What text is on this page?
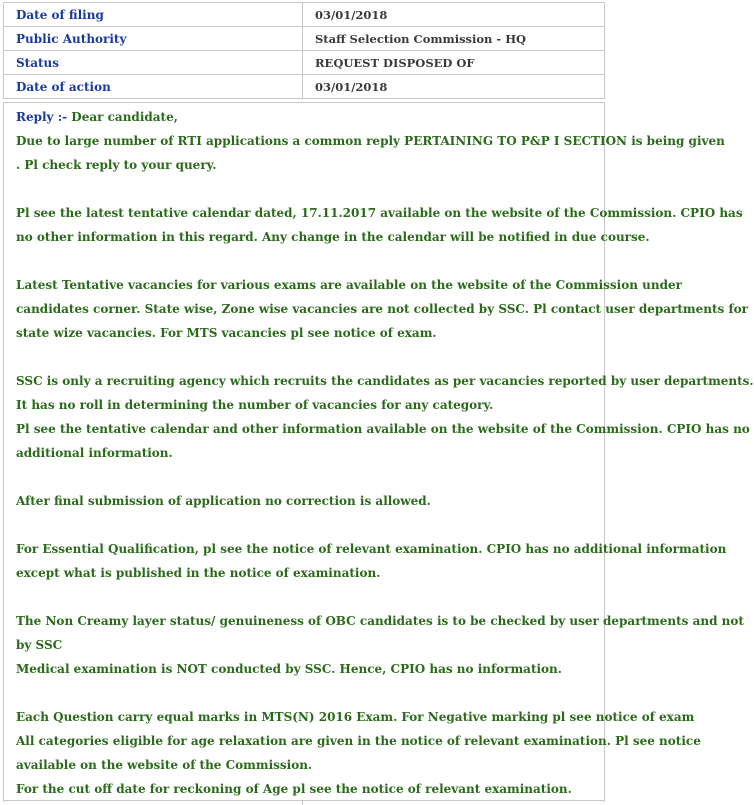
Date of filing	03/01/2018
Public Authority	Staff Selection Commission - HQ
Status	REQUEST DISPOSED OF
Date of action	03/01/2018
Reply :- Dear candidate,
Due to large number of RTI applications a common reply PERTAINING TO P&P I SECTION is being given
. Pl check reply to your query.
Pl see the latest tentative calendar dated, 17.11.2017 available on the website of the Commission. CPIO has
no other information in this regard. Any change in the calendar will be notified in due course.
Latest Tentative vacancies for various exams are available on the website of the Commission under
candidates corner. State wise, Zone wise vacancies are not collected by SSC. Pl contact user departments for
state wize vacancies. For MTS vacancies pl see notice of exam.
SSC is only a recruiting agency which recruits the candidates as per vacancies reported by user departments.
It has no roll in determining the number of vacancies for any category.
Pl see the tentative calendar and other information available on the website of the Commission. CPIO has no
additional information.
After final submission of application no correction is allowed.
For Essential Qualification, pl see the notice of relevant examination. CPIO has no additional information
except what is published in the notice of examination.
The Non Creamy layer status/ genuineness of OBC candidates is to be checked by user departments and not
by SSC
Medical examination is NOT conducted by SSC. Hence, CPIO has no information.
Each Question carry equal marks in MTS(N) 2016 Exam. For Negative marking pl see notice of exam
All categories eligible for age relaxation are given in the notice of relevant examination. Pl see notice
available on the website of the Commission.
For the cut off date for reckoning of Age pl see the notice of relevant examination.
